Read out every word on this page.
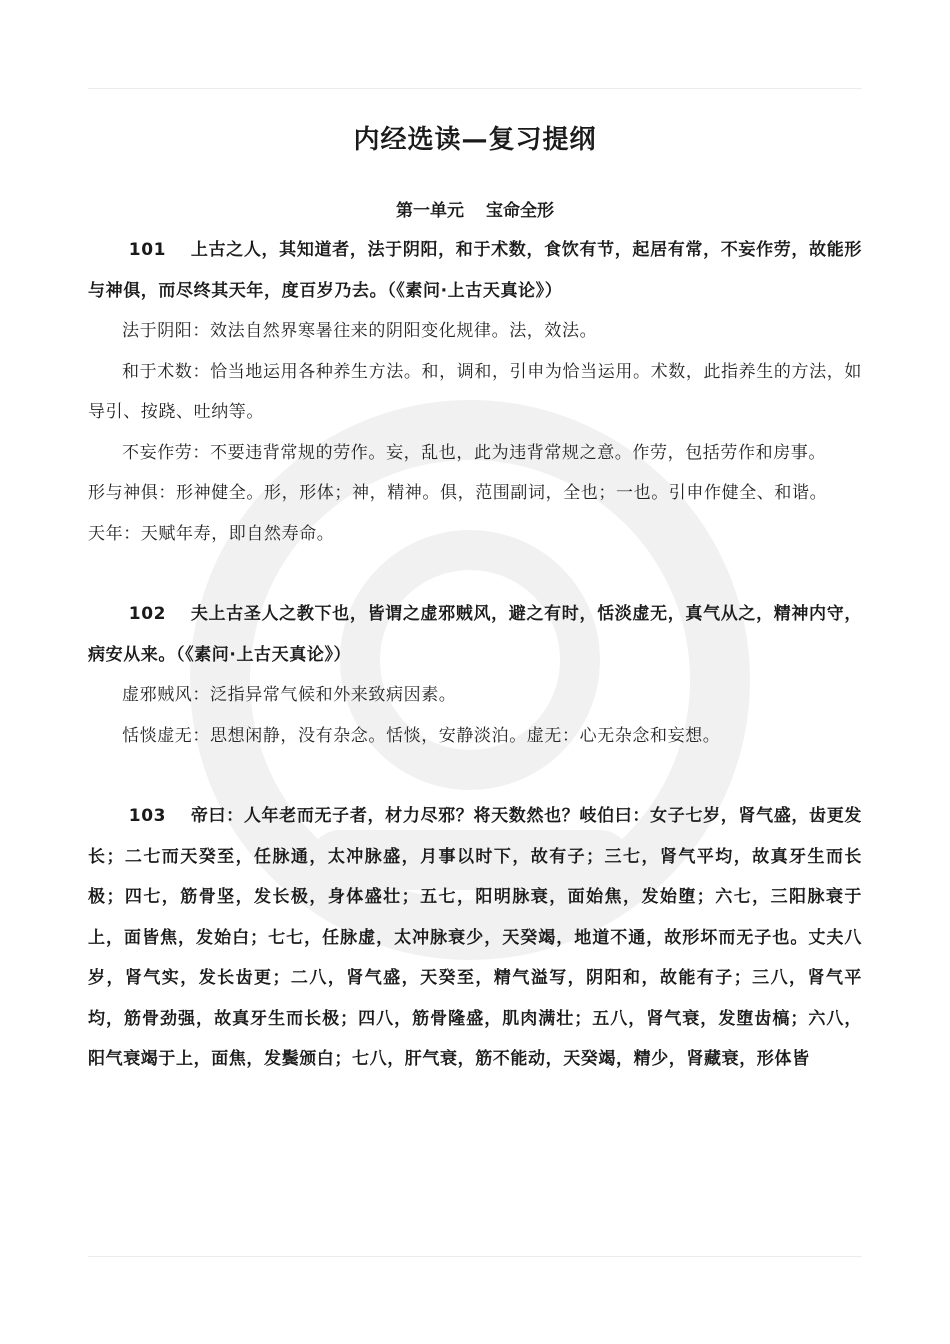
内经选读—复习提纲
第一单元 宝命全形

101 上古之人，其知道者，法于阴阳，和于术数，食饮有节，起居有常，不妄作劳，故能形与神俱，而尽终其天年，度百岁乃去。（《素问·上古天真论》）

法于阴阳：效法自然界寒暑往来的阴阳变化规律。法，效法。

和于术数：恰当地运用各种养生方法。和，调和，引申为恰当运用。术数，此指养生的方法，如导引、按跷、吐纳等。

不妄作劳：不要违背常规的劳作。妄，乱也，此为违背常规之意。作劳，包括劳作和房事。

形与神俱：形神健全。形，形体；神，精神。俱，范围副词，全也；一也。引申作健全、和谐。

天年：天赋年寿，即自然寿命。

102 夫上古圣人之教下也，皆谓之虚邪贼风，避之有时，恬淡虚无，真气从之，精神内守，病安从来。（《素问·上古天真论》）

虚邪贼风：泛指异常气候和外来致病因素。

恬惔虚无：思想闲静，没有杂念。恬惔，安静淡泊。虚无：心无杂念和妄想。

103 帝曰：人年老而无子者，材力尽邪？将天数然也？岐伯曰：女子七岁，肾气盛，齿更发长；二七而天癸至，任脉通，太冲脉盛，月事以时下，故有子；三七，肾气平均，故真牙生而长极；四七，筋骨坚，发长极，身体盛壮；五七，阳明脉衰，面始焦，发始堕；六七，三阳脉衰于上，面皆焦，发始白；七七，任脉虚，太冲脉衰少，天癸竭，地道不通，故形坏而无子也。丈夫八岁，肾气实，发长齿更；二八，肾气盛，天癸至，精气溢写，阴阳和，故能有子；三八，肾气平均，筋骨劲强，故真牙生而长极；四八，筋骨隆盛，肌肉满壮；五八，肾气衰，发堕齿槁；六八，阳气衰竭于上，面焦，发鬓颁白；七八，肝气衰，筋不能动，天癸竭，精少，肾藏衰，形体皆
